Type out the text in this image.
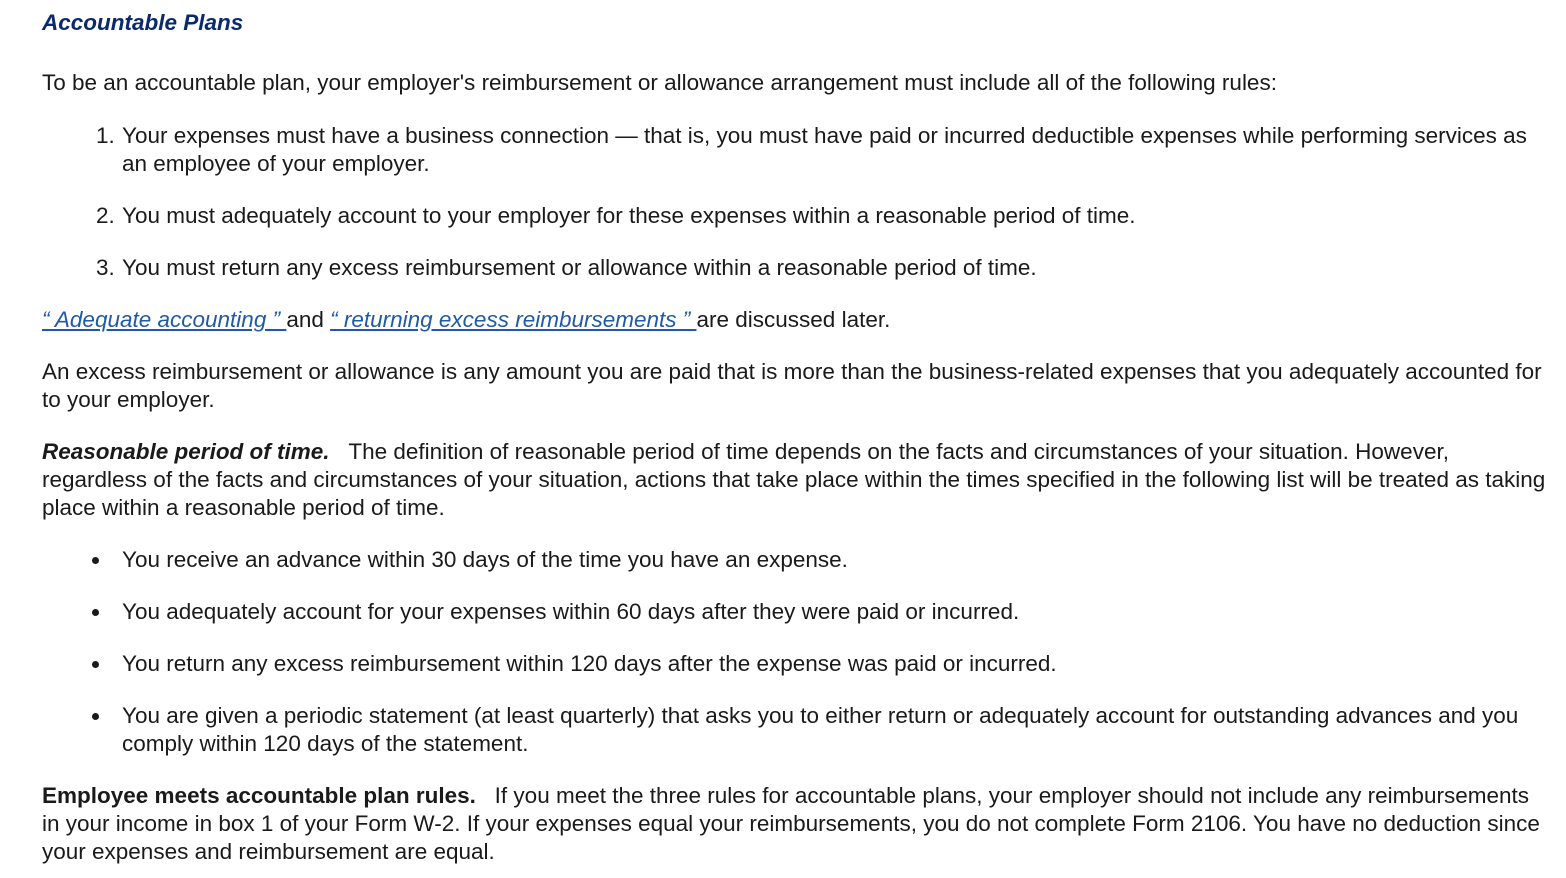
Accountable Plans

To be an accountable plan, your employer's reimbursement or allowance arrangement must include all of the following rules:

1. Your expenses must have a business connection — that is, you must have paid or incurred deductible expenses while performing services as an employee of your employer.
2. You must adequately account to your employer for these expenses within a reasonable period of time.
3. You must return any excess reimbursement or allowance within a reasonable period of time.

“ Adequate accounting ” and “ returning excess reimbursements ” are discussed later.

An excess reimbursement or allowance is any amount you are paid that is more than the business-related expenses that you adequately accounted for to your employer.

Reasonable period of time. The definition of reasonable period of time depends on the facts and circumstances of your situation. However, regardless of the facts and circumstances of your situation, actions that take place within the times specified in the following list will be treated as taking place within a reasonable period of time.

You receive an advance within 30 days of the time you have an expense.

You adequately account for your expenses within 60 days after they were paid or incurred.

You return any excess reimbursement within 120 days after the expense was paid or incurred.

You are given a periodic statement (at least quarterly) that asks you to either return or adequately account for outstanding advances and you comply within 120 days of the statement.

Employee meets accountable plan rules. If you meet the three rules for accountable plans, your employer should not include any reimbursements in your income in box 1 of your Form W-2. If your expenses equal your reimbursements, you do not complete Form 2106. You have no deduction since your expenses and reimbursement are equal.
